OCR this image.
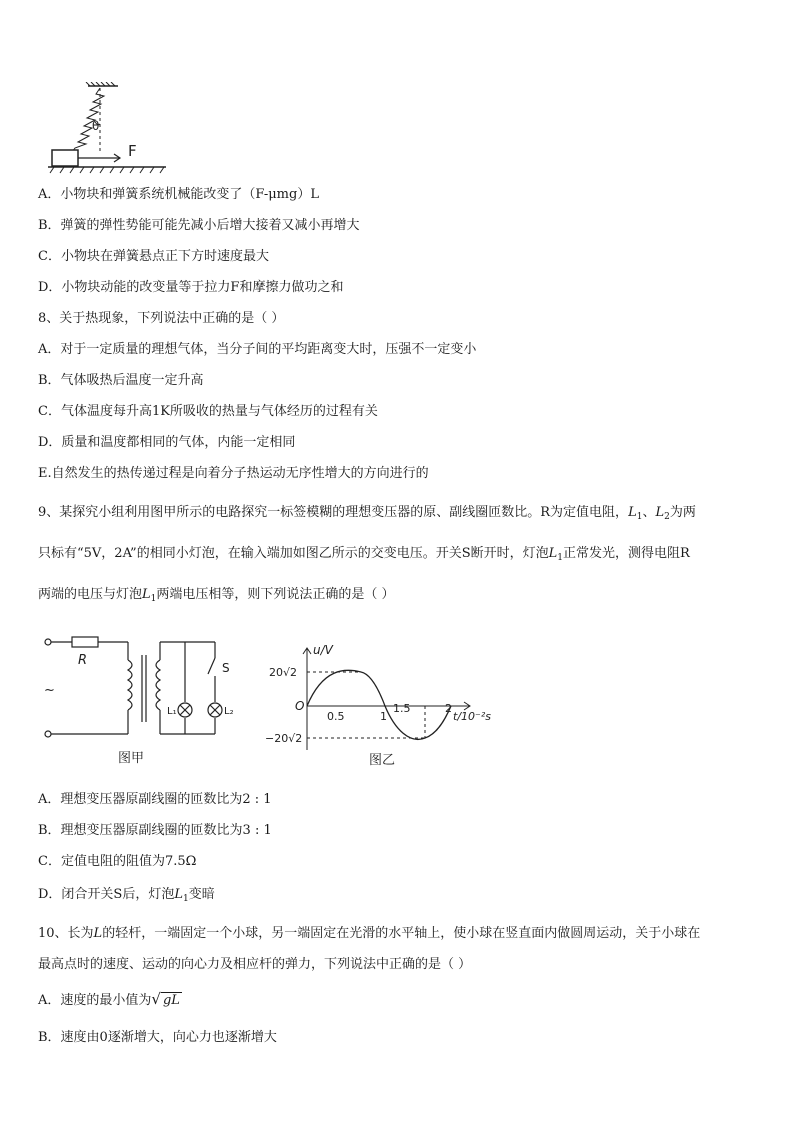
θ
F
A．小物块和弹簧系统机械能改变了（F-μmg）L
B．弹簧的弹性势能可能先减小后增大接着又减小再增大
C．小物块在弹簧悬点正下方时速度最大
D．小物块动能的改变量等于拉力F和摩擦力做功之和
8、关于热现象，下列说法中正确的是（ ）
A．对于一定质量的理想气体，当分子间的平均距离变大时，压强不一定变小
B．气体吸热后温度一定升高
C．气体温度每升高1K所吸收的热量与气体经历的过程有关
D．质量和温度都相同的气体，内能一定相同
E.自然发生的热传递过程是向着分子热运动无序性增大的方向进行的
9、某探究小组利用图甲所示的电路探究一标签模糊的理想变压器的原、副线圈匝数比。R为定值电阻，$L_1$、$L_2$为两
只标有“5V，2A”的相同小灯泡，在输入端加如图乙所示的交变电压。开关S断开时，灯泡$L_1$正常发光，测得电阻R
两端的电压与灯泡$L_1$两端电压相等，则下列说法正确的是（ ）
R
~
S
L₁	L₂
图甲
u/V
20√2
−20√2
O
0.5	1
1.5	2
t/10⁻²s
图乙
A．理想变压器原副线圈的匝数比为2 : 1
B．理想变压器原副线圈的匝数比为3 : 1
C．定值电阻的阻值为7.5Ω
D．闭合开关S后，灯泡$L_1$变暗
10、长为L的轻杆，一端固定一个小球，另一端固定在光滑的水平轴上，使小球在竖直面内做圆周运动，关于小球在
最高点时的速度、运动的向心力及相应杆的弹力，下列说法中正确的是（ ）
A．速度的最小值为√ gL
B．速度由0逐渐增大，向心力也逐渐增大
